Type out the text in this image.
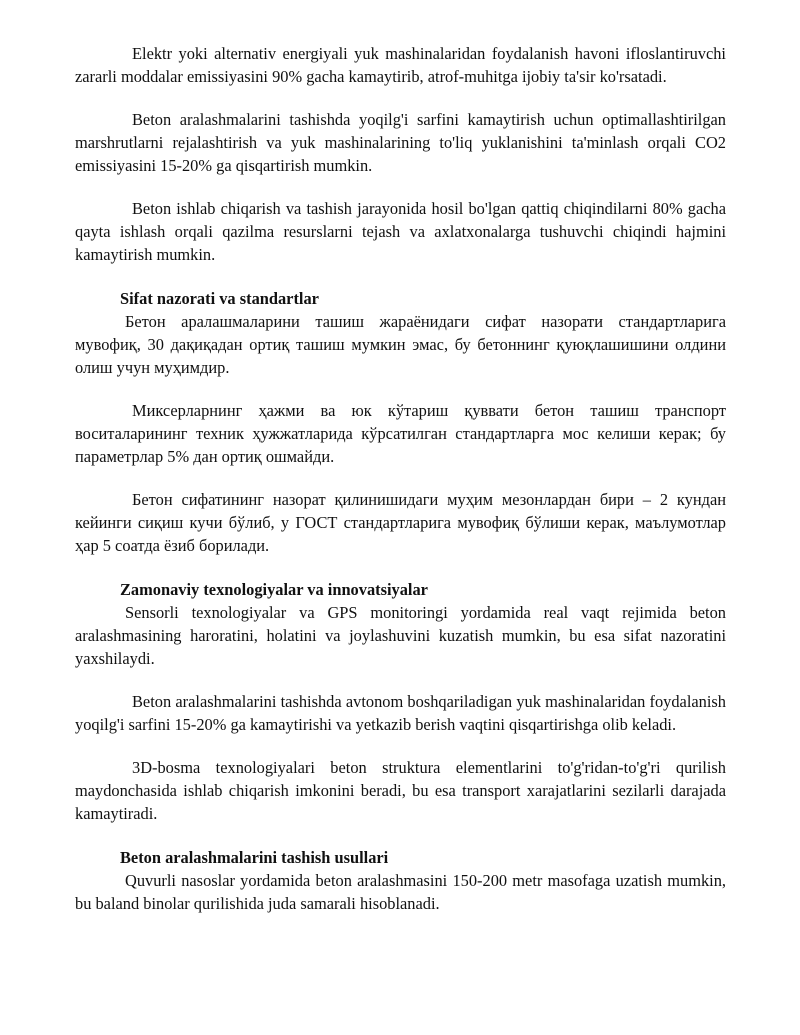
Elektr yoki alternativ energiyali yuk mashinalaridan foydalanish havoni ifloslantiruvchi zararli moddalar emissiyasini 90% gacha kamaytirib, atrof-muhitga ijobiy ta'sir ko'rsatadi.

Beton aralashmalarini tashishda yoqilg'i sarfini kamaytirish uchun optimallashtirilgan marshrutlarni rejalashtirish va yuk mashinalarining to'liq yuklanishini ta'minlash orqali CO2 emissiyasini 15-20% ga qisqartirish mumkin.

Beton ishlab chiqarish va tashish jarayonida hosil bo'lgan qattiq chiqindilarni 80% gacha qayta ishlash orqali qazilma resurslarni tejash va axlatxonalarga tushuvchi chiqindi hajmini kamaytirish mumkin.

Sifat nazorati va standartlar

Бетон аралашмаларини ташиш жараёнидаги сифат назорати стандартларига мувофиқ, 30 дақиқадан ортиқ ташиш мумкин эмас, бу бетоннинг қуюқлашишини олдини олиш учун муҳимдир.

Миксерларнинг ҳажми ва юк кўтариш қуввати бетон ташиш транспорт воситаларининг техник ҳужжатларида кўрсатилган стандартларга мос келиши керак; бу параметрлар 5% дан ортиқ ошмайди.

Бетон сифатининг назорат қилинишидаги муҳим мезонлардан бири – 2 кундан кейинги сиқиш кучи бўлиб, у ГОСТ стандартларига мувофиқ бўлиши керак, маълумотлар ҳар 5 соатда ёзиб борилади.

Zamonaviy texnologiyalar va innovatsiyalar

Sensorli texnologiyalar va GPS monitoringi yordamida real vaqt rejimida beton aralashmasining haroratini, holatini va joylashuvini kuzatish mumkin, bu esa sifat nazoratini yaxshilaydi.

Beton aralashmalarini tashishda avtonom boshqariladigan yuk mashinalaridan foydalanish yoqilg'i sarfini 15-20% ga kamaytirishi va yetkazib berish vaqtini qisqartirishga olib keladi.

3D-bosma texnologiyalari beton struktura elementlarini to'g'ridan-to'g'ri qurilish maydonchasida ishlab chiqarish imkonini beradi, bu esa transport xarajatlarini sezilarli darajada kamaytiradi.

Beton aralashmalarini tashish usullari

Quvurli nasoslar yordamida beton aralashmasini 150-200 metr masofaga uzatish mumkin, bu baland binolar qurilishida juda samarali hisoblanadi.
